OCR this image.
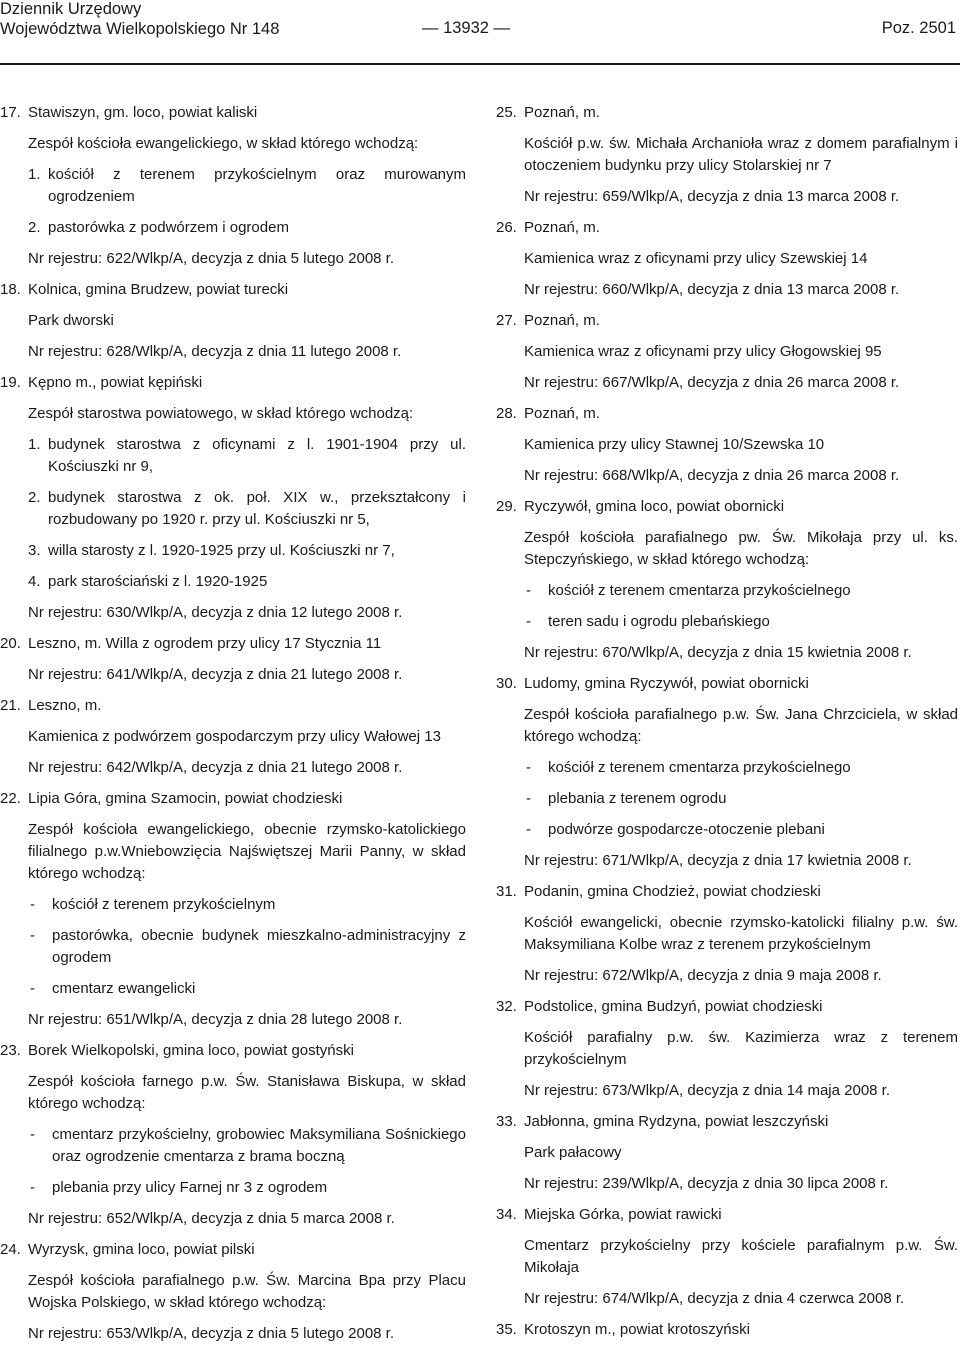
Dziennik Urzędowy
Województwa Wielkopolskiego Nr 148	— 13932 —	Poz. 2501
17. Stawiszyn, gm. loco, powiat kaliski
Zespół kościoła ewangelickiego, w skład którego wchodzą:
1. kościół z terenem przykościelnym oraz murowanym ogrodzeniem
2. pastorówka z podwórzem i ogrodem
Nr rejestru: 622/Wlkp/A, decyzja z dnia 5 lutego 2008 r.
18. Kolnica, gmina Brudzew, powiat turecki
Park dworski
Nr rejestru: 628/Wlkp/A, decyzja z dnia 11 lutego 2008 r.
19. Kępno m., powiat kępiński
Zespół starostwa powiatowego, w skład którego wchodzą:
1. budynek starostwa z oficynami z l. 1901-1904 przy ul. Kościuszki nr 9,
2. budynek starostwa z ok. poł. XIX w., przekształcony i rozbudowany po 1920 r. przy ul. Kościuszki nr 5,
3. willa starosty z l. 1920-1925 przy ul. Kościuszki nr 7,
4. park starościański z l. 1920-1925
Nr rejestru: 630/Wlkp/A, decyzja z dnia 12 lutego 2008 r.
20. Leszno, m. Willa z ogrodem przy ulicy 17 Stycznia 11
Nr rejestru: 641/Wlkp/A, decyzja z dnia 21 lutego 2008 r.
21. Leszno, m.
Kamienica z podwórzem gospodarczym przy ulicy Wałowej 13
Nr rejestru: 642/Wlkp/A, decyzja z dnia 21 lutego 2008 r.
22. Lipia Góra, gmina Szamocin, powiat chodzieski
Zespół kościoła ewangelickiego, obecnie rzymsko-katolickiego filialnego p.w.Wniebowzięcia Najświętszej Marii Panny, w skład którego wchodzą:
- kościół z terenem przykościelnym
- pastorówka, obecnie budynek mieszkalno-administracyjny z ogrodem
- cmentarz ewangelicki
Nr rejestru: 651/Wlkp/A, decyzja z dnia 28 lutego 2008 r.
23. Borek Wielkopolski, gmina loco, powiat gostyński
Zespół kościoła farnego p.w. Św. Stanisława Biskupa, w skład którego wchodzą:
- cmentarz przykościelny, grobowiec Maksymiliana Sośnickiego oraz ogrodzenie cmentarza z brama boczną
- plebania przy ulicy Farnej nr 3 z ogrodem
Nr rejestru: 652/Wlkp/A, decyzja z dnia 5 marca 2008 r.
24. Wyrzysk, gmina loco, powiat pilski
Zespół kościoła parafialnego p.w. Św. Marcina Bpa przy Placu Wojska Polskiego, w skład którego wchodzą:
Nr rejestru: 653/Wlkp/A, decyzja z dnia 5 lutego 2008 r.
25. Poznań, m.
Kościół p.w. św. Michała Archanioła wraz z domem parafialnym i otoczeniem budynku przy ulicy Stolarskiej nr 7
Nr rejestru: 659/Wlkp/A, decyzja z dnia 13 marca 2008 r.
26. Poznań, m.
Kamienica wraz z oficynami przy ulicy Szewskiej 14
Nr rejestru: 660/Wlkp/A, decyzja z dnia 13 marca 2008 r.
27. Poznań, m.
Kamienica wraz z oficynami przy ulicy Głogowskiej 95
Nr rejestru: 667/Wlkp/A, decyzja z dnia 26 marca 2008 r.
28. Poznań, m.
Kamienica przy ulicy Stawnej 10/Szewska 10
Nr rejestru: 668/Wlkp/A, decyzja z dnia 26 marca 2008 r.
29. Ryczywół, gmina loco, powiat obornicki
Zespół kościoła parafialnego pw. Św. Mikołaja przy ul. ks. Stepczyńskiego, w skład którego wchodzą:
- kościół z terenem cmentarza przykościelnego
- teren sadu i ogrodu plebańskiego
Nr rejestru: 670/Wlkp/A, decyzja z dnia 15 kwietnia 2008 r.
30. Ludomy, gmina Ryczywół, powiat obornicki
Zespół kościoła parafialnego p.w. Św. Jana Chrzciciela, w skład którego wchodzą:
- kościół z terenem cmentarza przykościelnego
- plebania z terenem ogrodu
- podwórze gospodarcze-otoczenie plebani
Nr rejestru: 671/Wlkp/A, decyzja z dnia 17 kwietnia 2008 r.
31. Podanin, gmina Chodzież, powiat chodzieski
Kościół ewangelicki, obecnie rzymsko-katolicki filialny p.w. św. Maksymiliana Kolbe wraz z terenem przykościelnym
Nr rejestru: 672/Wlkp/A, decyzja z dnia 9 maja 2008 r.
32. Podstolice, gmina Budzyń, powiat chodzieski
Kościół parafialny p.w. św. Kazimierza wraz z terenem przykościelnym
Nr rejestru: 673/Wlkp/A, decyzja z dnia 14 maja 2008 r.
33. Jabłonna, gmina Rydzyna, powiat leszczyński
Park pałacowy
Nr rejestru: 239/Wlkp/A, decyzja z dnia 30 lipca 2008 r.
34. Miejska Górka, powiat rawicki
Cmentarz przykościelny przy kościele parafialnym p.w. Św. Mikołaja
Nr rejestru: 674/Wlkp/A, decyzja z dnia 4 czerwca 2008 r.
35. Krotoszyn m., powiat krotoszyński
